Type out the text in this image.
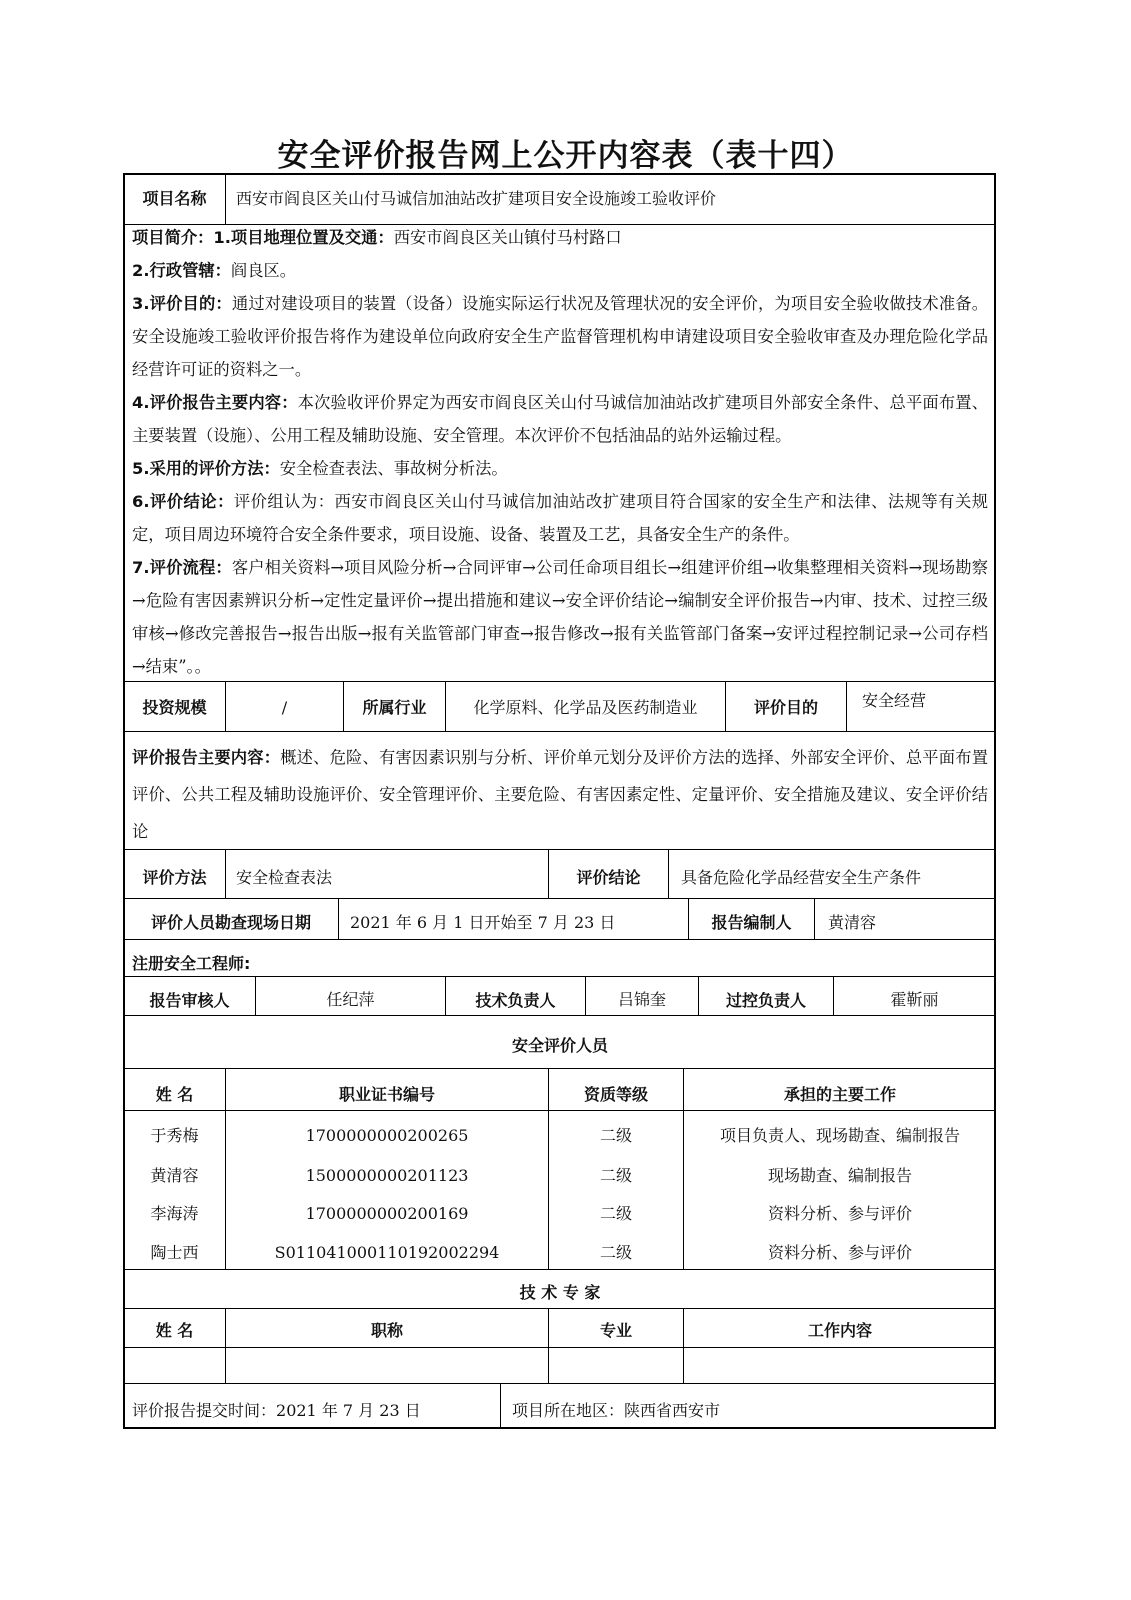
安全评价报告网上公开内容表（表十四）
项目名称	西安市阎良区关山付马诚信加油站改扩建项目安全设施竣工验收评价
项目简介：1.项目地理位置及交通：西安市阎良区关山镇付马村路口
2.行政管辖：阎良区。
3.评价目的：通过对建设项目的装置（设备）设施实际运行状况及管理状况的安全评价，为项目安全验收做技术准备。安全设施竣工验收评价报告将作为建设单位向政府安全生产监督管理机构申请建设项目安全验收审查及办理危险化学品经营许可证的资料之一。
4.评价报告主要内容：本次验收评价界定为西安市阎良区关山付马诚信加油站改扩建项目外部安全条件、总平面布置、主要装置（设施）、公用工程及辅助设施、安全管理。本次评价不包括油品的站外运输过程。
5.采用的评价方法：安全检查表法、事故树分析法。
6.评价结论：评价组认为：西安市阎良区关山付马诚信加油站改扩建项目符合国家的安全生产和法律、法规等有关规定，项目周边环境符合安全条件要求，项目设施、设备、装置及工艺，具备安全生产的条件。
7.评价流程：客户相关资料→项目风险分析→合同评审→公司任命项目组长→组建评价组→收集整理相关资料→现场勘察→危险有害因素辨识分析→定性定量评价→提出措施和建议→安全评价结论→编制安全评价报告→内审、技术、过控三级审核→修改完善报告→报告出版→报有关监管部门审查→报告修改→报有关监管部门备案→安评过程控制记录→公司存档→结束”。。
投资规模	/	所属行业	化学原料、化学品及医药制造业	评价目的	安全经营
评价报告主要内容：概述、危险、有害因素识别与分析、评价单元划分及评价方法的选择、外部安全评价、总平面布置评价、公共工程及辅助设施评价、安全管理评价、主要危险、有害因素定性、定量评价、安全措施及建议、安全评价结论
评价方法	安全检查表法	评价结论	具备危险化学品经营安全生产条件
评价人员勘查现场日期	2021 年 6 月 1 日开始至 7 月 23 日	报告编制人	黄清容
注册安全工程师:
报告审核人	任纪萍	技术负责人	吕锦奎	过控负责人	霍靳丽
安全评价人员
姓 名	职业证书编号	资质等级	承担的主要工作
于秀梅	1700000000200265	二级	项目负责人、现场勘查、编制报告
黄清容	1500000000201123	二级	现场勘查、编制报告
李海涛	1700000000200169	二级	资料分析、参与评价
陶士西	S011041000110192002294	二级	资料分析、参与评价
技 术 专 家
姓 名	职称	专业	工作内容
评价报告提交时间：2021 年 7 月 23 日	项目所在地区：陕西省西安市
